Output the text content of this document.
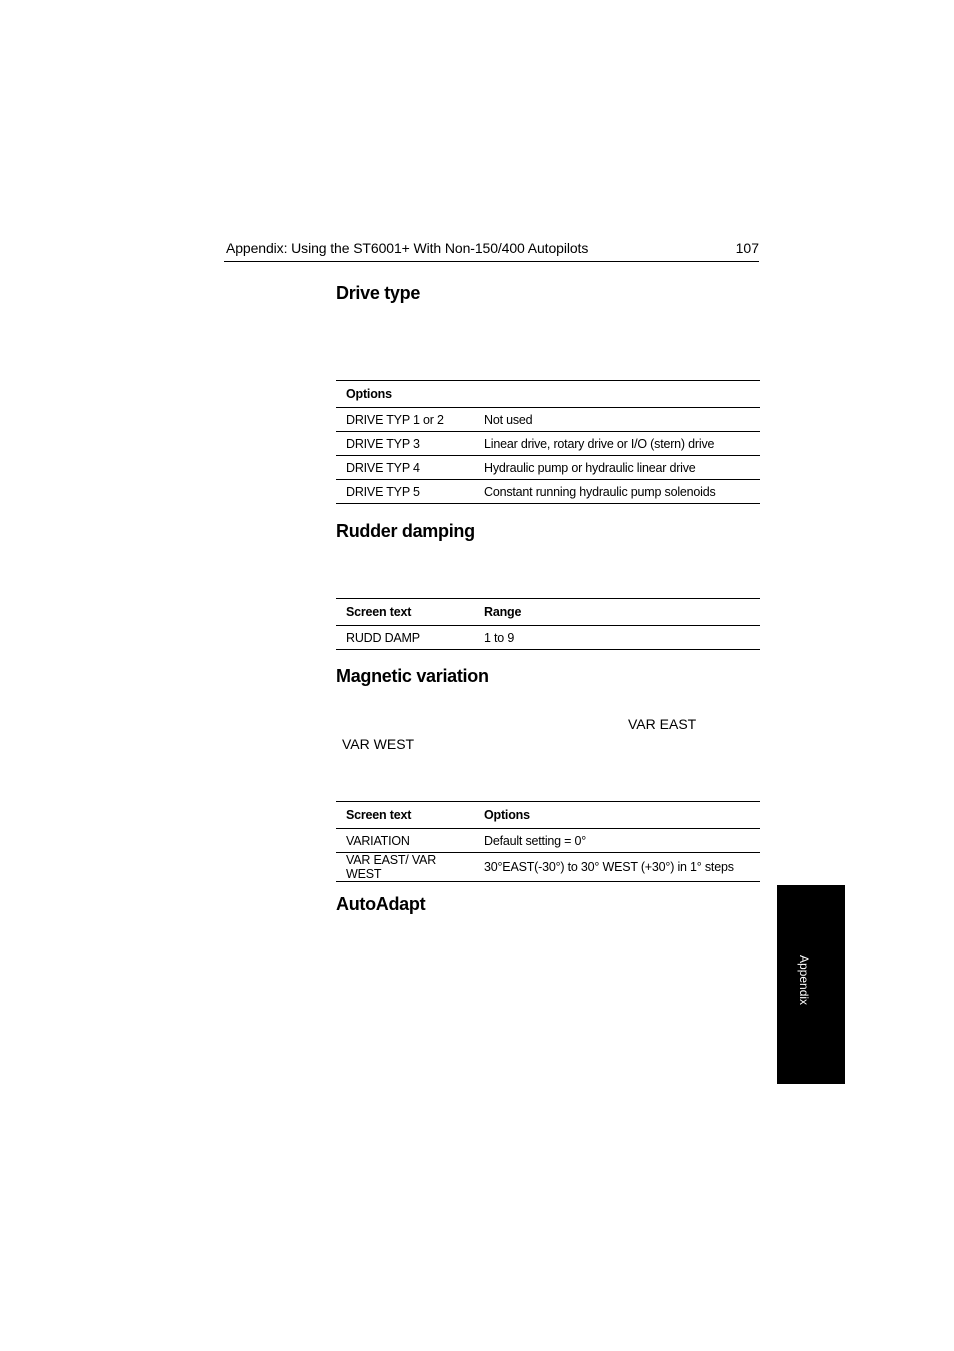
Appendix: Using the ST6001+ With Non-150/400 Autopilots	107
Drive type
Options	
DRIVE TYP 1 or 2	Not used
DRIVE TYP 3	Linear drive, rotary drive or I/O (stern) drive
DRIVE TYP 4	Hydraulic pump or hydraulic linear drive
DRIVE TYP 5	Constant running hydraulic pump solenoids
Rudder damping
Screen text	Range
RUDD DAMP	1 to 9
Magnetic variation
VAR EAST
VAR WEST
Screen text	Options
VARIATION	Default setting = 0°
VAR EAST/ VAR WEST	30°EAST(-30°) to 30° WEST (+30°) in 1° steps
AutoAdapt
Appendix
